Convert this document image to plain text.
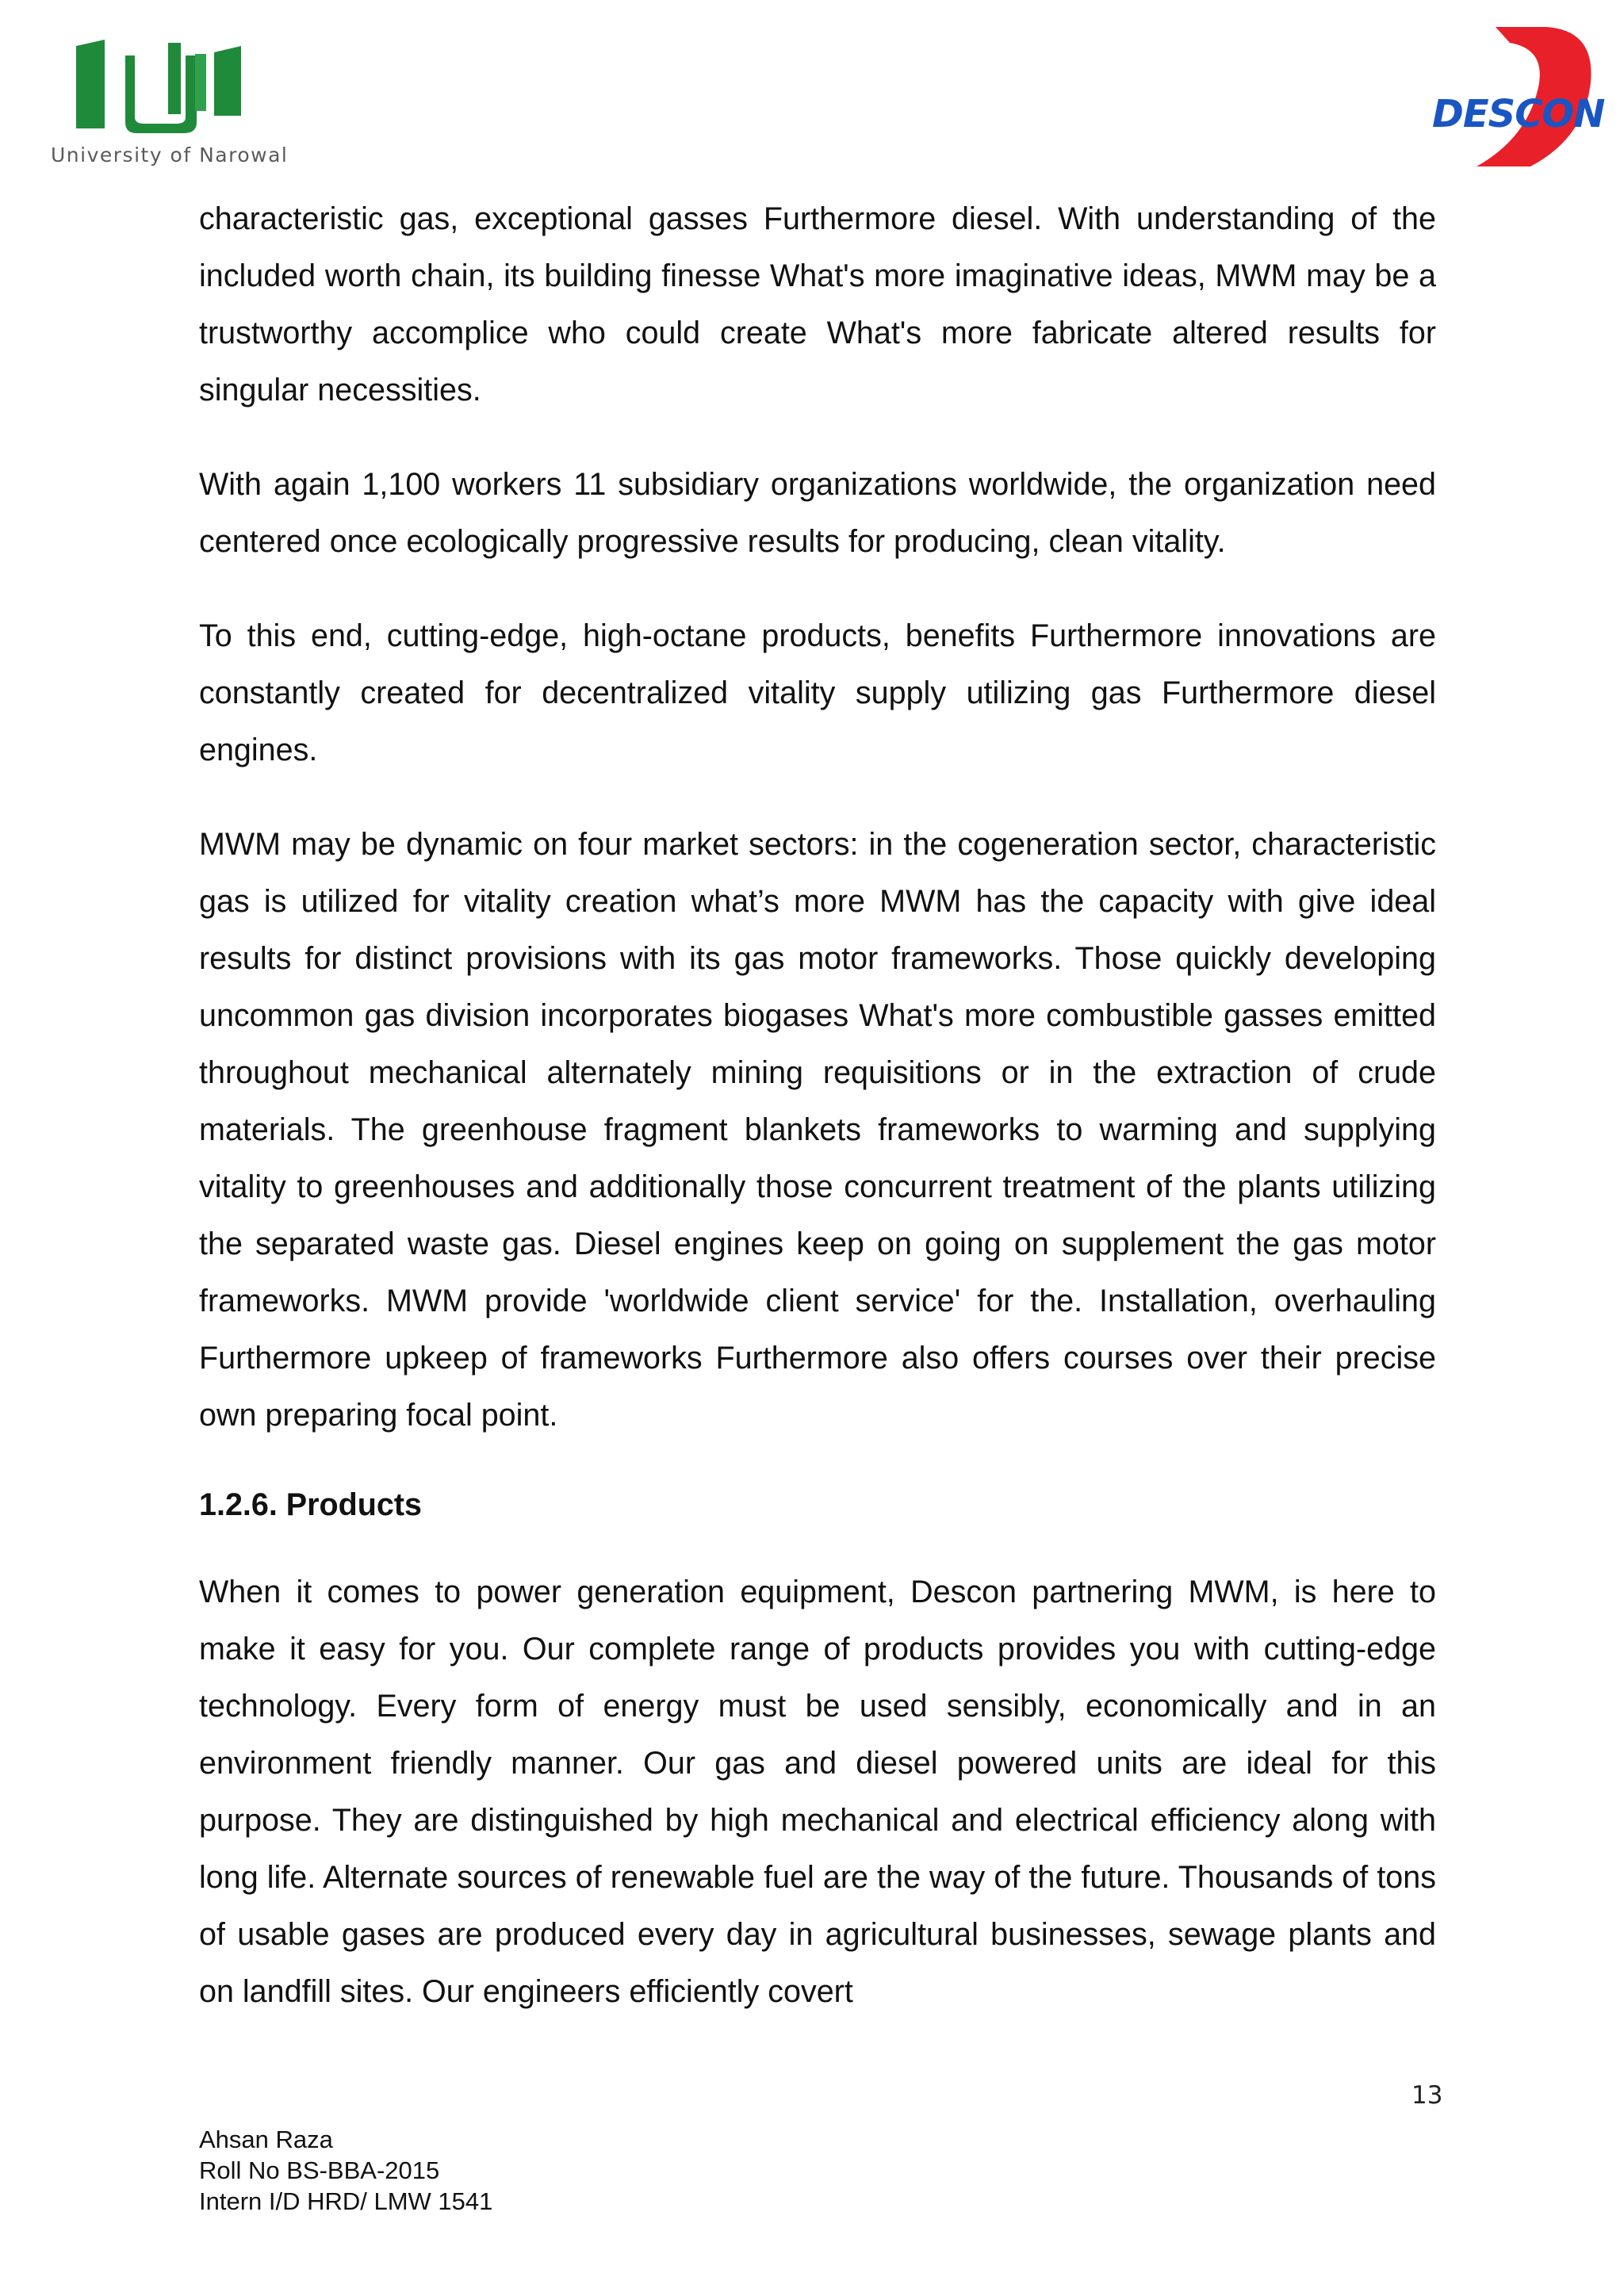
University of Narowal
DESCON

characteristic gas, exceptional gasses Furthermore diesel. With understanding of the included worth chain, its building finesse What's more imaginative ideas, MWM may be a trustworthy accomplice who could create What's more fabricate altered results for singular necessities.

With again 1,100 workers 11 subsidiary organizations worldwide, the organization need centered once ecologically progressive results for producing, clean vitality.

To this end, cutting-edge, high-octane products, benefits Furthermore innovations are constantly created for decentralized vitality supply utilizing gas Furthermore diesel engines.

MWM may be dynamic on four market sectors: in the cogeneration sector, characteristic gas is utilized for vitality creation what’s more MWM has the capacity with give ideal results for distinct provisions with its gas motor frameworks. Those quickly developing uncommon gas division incorporates biogases What's more combustible gasses emitted throughout mechanical alternately mining requisitions or in the extraction of crude materials. The greenhouse fragment blankets frameworks to warming and supplying vitality to greenhouses and additionally those concurrent treatment of the plants utilizing the separated waste gas. Diesel engines keep on going on supplement the gas motor frameworks. MWM provide 'worldwide client service' for the. Installation, overhauling Furthermore upkeep of frameworks Furthermore also offers courses over their precise own preparing focal point.

1.2.6. Products

When it comes to power generation equipment, Descon partnering MWM, is here to make it easy for you. Our complete range of products provides you with cutting-edge technology. Every form of energy must be used sensibly, economically and in an environment friendly manner. Our gas and diesel powered units are ideal for this purpose. They are distinguished by high mechanical and electrical efficiency along with long life. Alternate sources of renewable fuel are the way of the future. Thousands of tons of usable gases are produced every day in agricultural businesses, sewage plants and on landfill sites. Our engineers efficiently covert

13
Ahsan Raza
Roll No BS-BBA-2015
Intern I/D HRD/ LMW 1541
